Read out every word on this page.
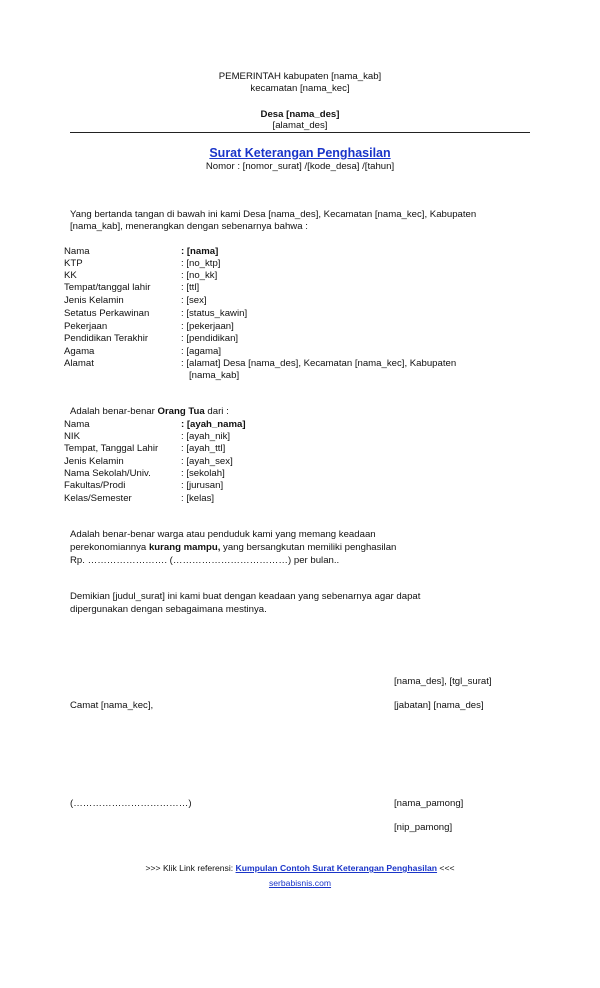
PEMERINTAH kabupaten [nama_kab]
kecamatan [nama_kec]
Desa [nama_des]
[alamat_des]
Surat Keterangan Penghasilan
Nomor : [nomor_surat] /[kode_desa] /[tahun]
Yang bertanda tangan di bawah ini kami Desa [nama_des], Kecamatan [nama_kec], Kabupaten
[nama_kab], menerangkan dengan sebenarnya bahwa :
Nama	: [nama]
KTP	: [no_ktp]
KK	: [no_kk]
Tempat/tanggal lahir	: [ttl]
Jenis Kelamin	: [sex]
Setatus Perkawinan	: [status_kawin]
Pekerjaan	: [pekerjaan]
Pendidikan Terakhir	: [pendidikan]
Agama	: [agama]
Alamat	: [alamat] Desa [nama_des], Kecamatan [nama_kec], Kabupaten
[nama_kab]
Adalah benar-benar Orang Tua dari :
Nama	: [ayah_nama]
NIK	: [ayah_nik]
Tempat, Tanggal Lahir : [ayah_ttl]
Jenis Kelamin	: [ayah_sex]
Nama Sekolah/Univ.	: [sekolah]
Fakultas/Prodi	: [jurusan]
Kelas/Semester	: [kelas]
Adalah benar-benar warga atau penduduk kami yang memang keadaan
perekonomiannya kurang mampu, yang bersangkutan memiliki penghasilan
Rp. ……………………. (………………………………) per bulan..
Demikian [judul_surat] ini kami buat dengan keadaan yang sebenarnya agar dapat
dipergunakan dengan sebagaimana mestinya.
[nama_des], [tgl_surat]
Camat [nama_kec],	[jabatan] [nama_des]
(………………………………)	[nama_pamong]
[nip_pamong]
>>> Klik Link referensi: Kumpulan Contoh Surat Keterangan Penghasilan <<<
serbabisnis.com
